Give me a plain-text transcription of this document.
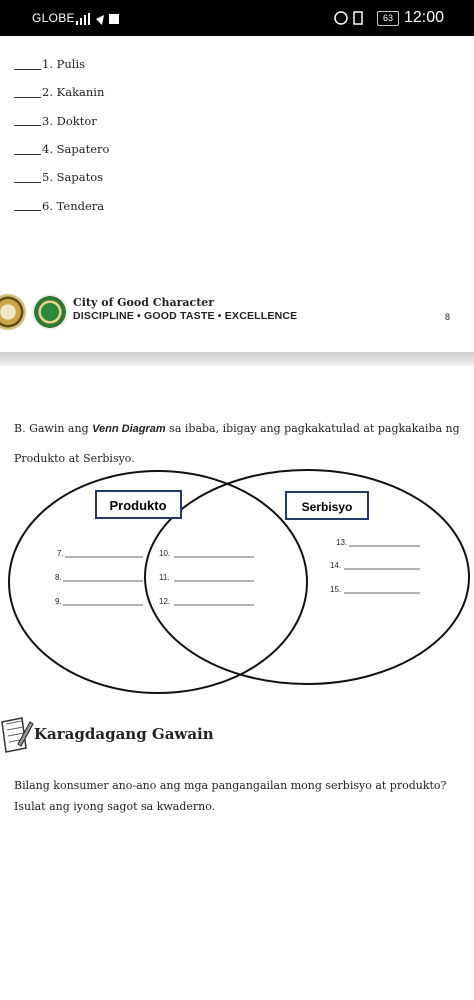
GLOBE	63 12:00
1. Pulis
2. Kakanin
3. Doktor
4. Sapatero
5. Sapatos
6. Tendera
City of Good Character
DISCIPLINE • GOOD TASTE • EXCELLENCE	8
B. Gawin ang Venn Diagram sa ibaba, ibigay ang pagkakatulad at pagkakaiba ng Produkto at Serbisyo.
Produkto	Serbisyo
7.
8.
9.
10.
11.
12.
13.
14.
15.
Karagdagang Gawain
Bilang konsumer ano-ano ang mga pangangailan mong serbisyo at produkto? Isulat ang iyong sagot sa kwaderno.
